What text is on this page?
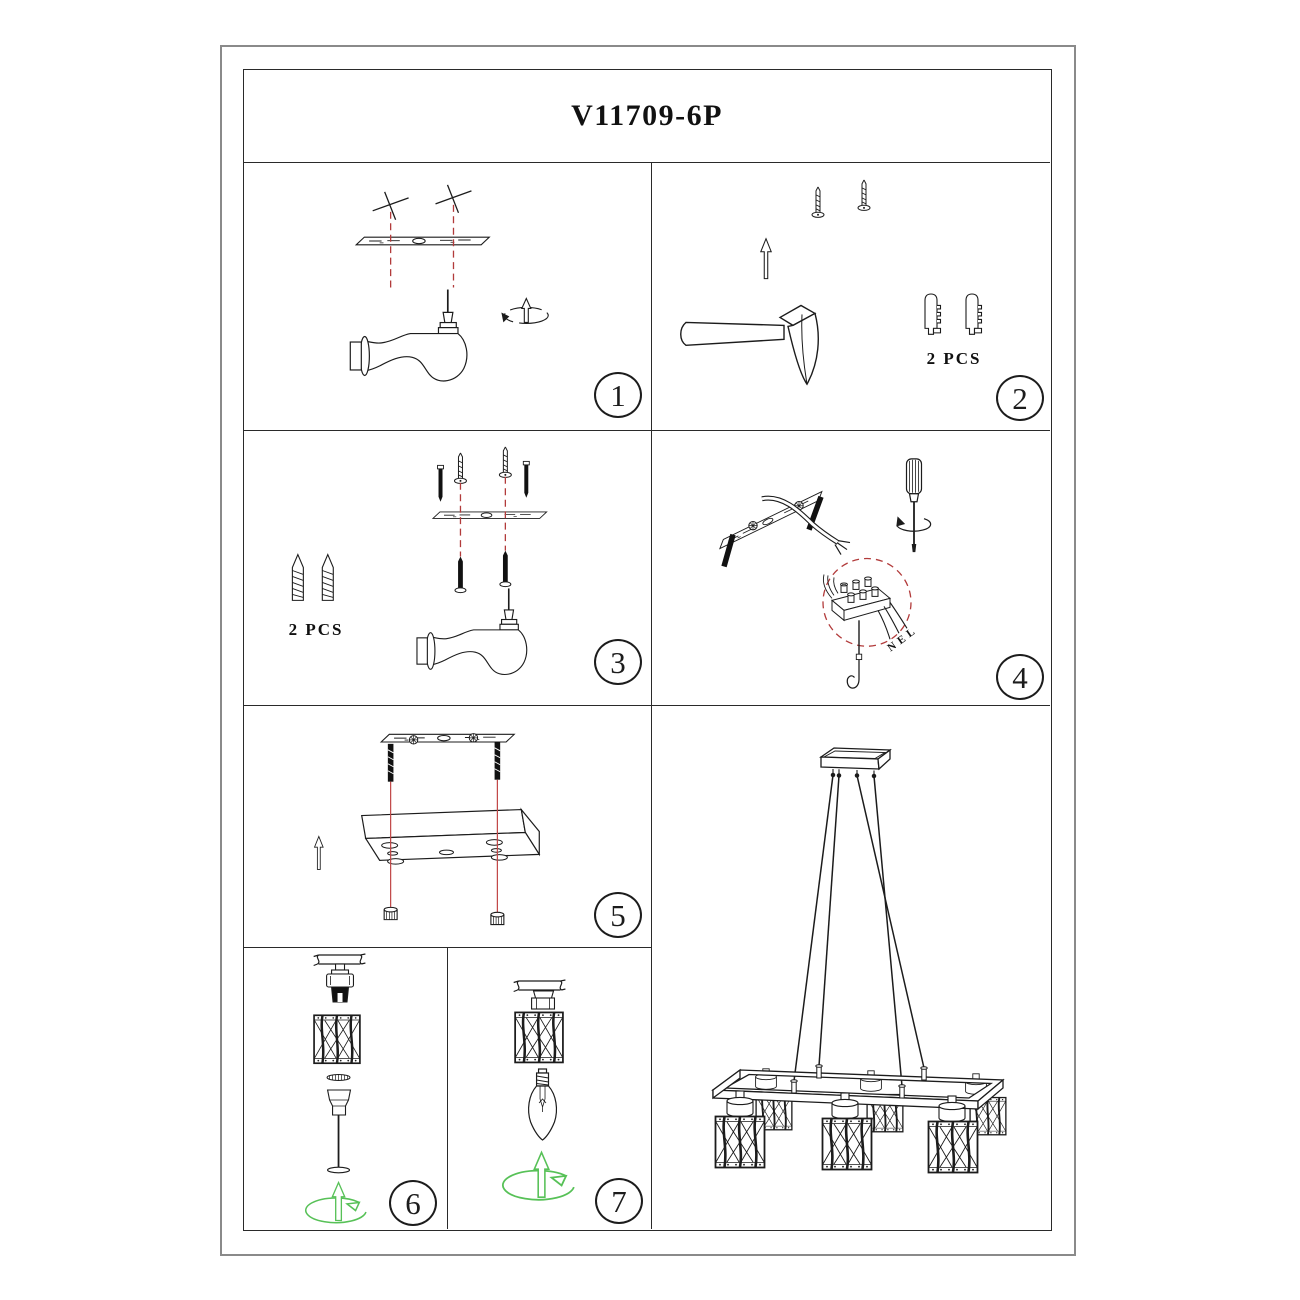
V11709-6P
1
2 PCS
2
2 PCS
3	N
E
L
4
5
6	7
